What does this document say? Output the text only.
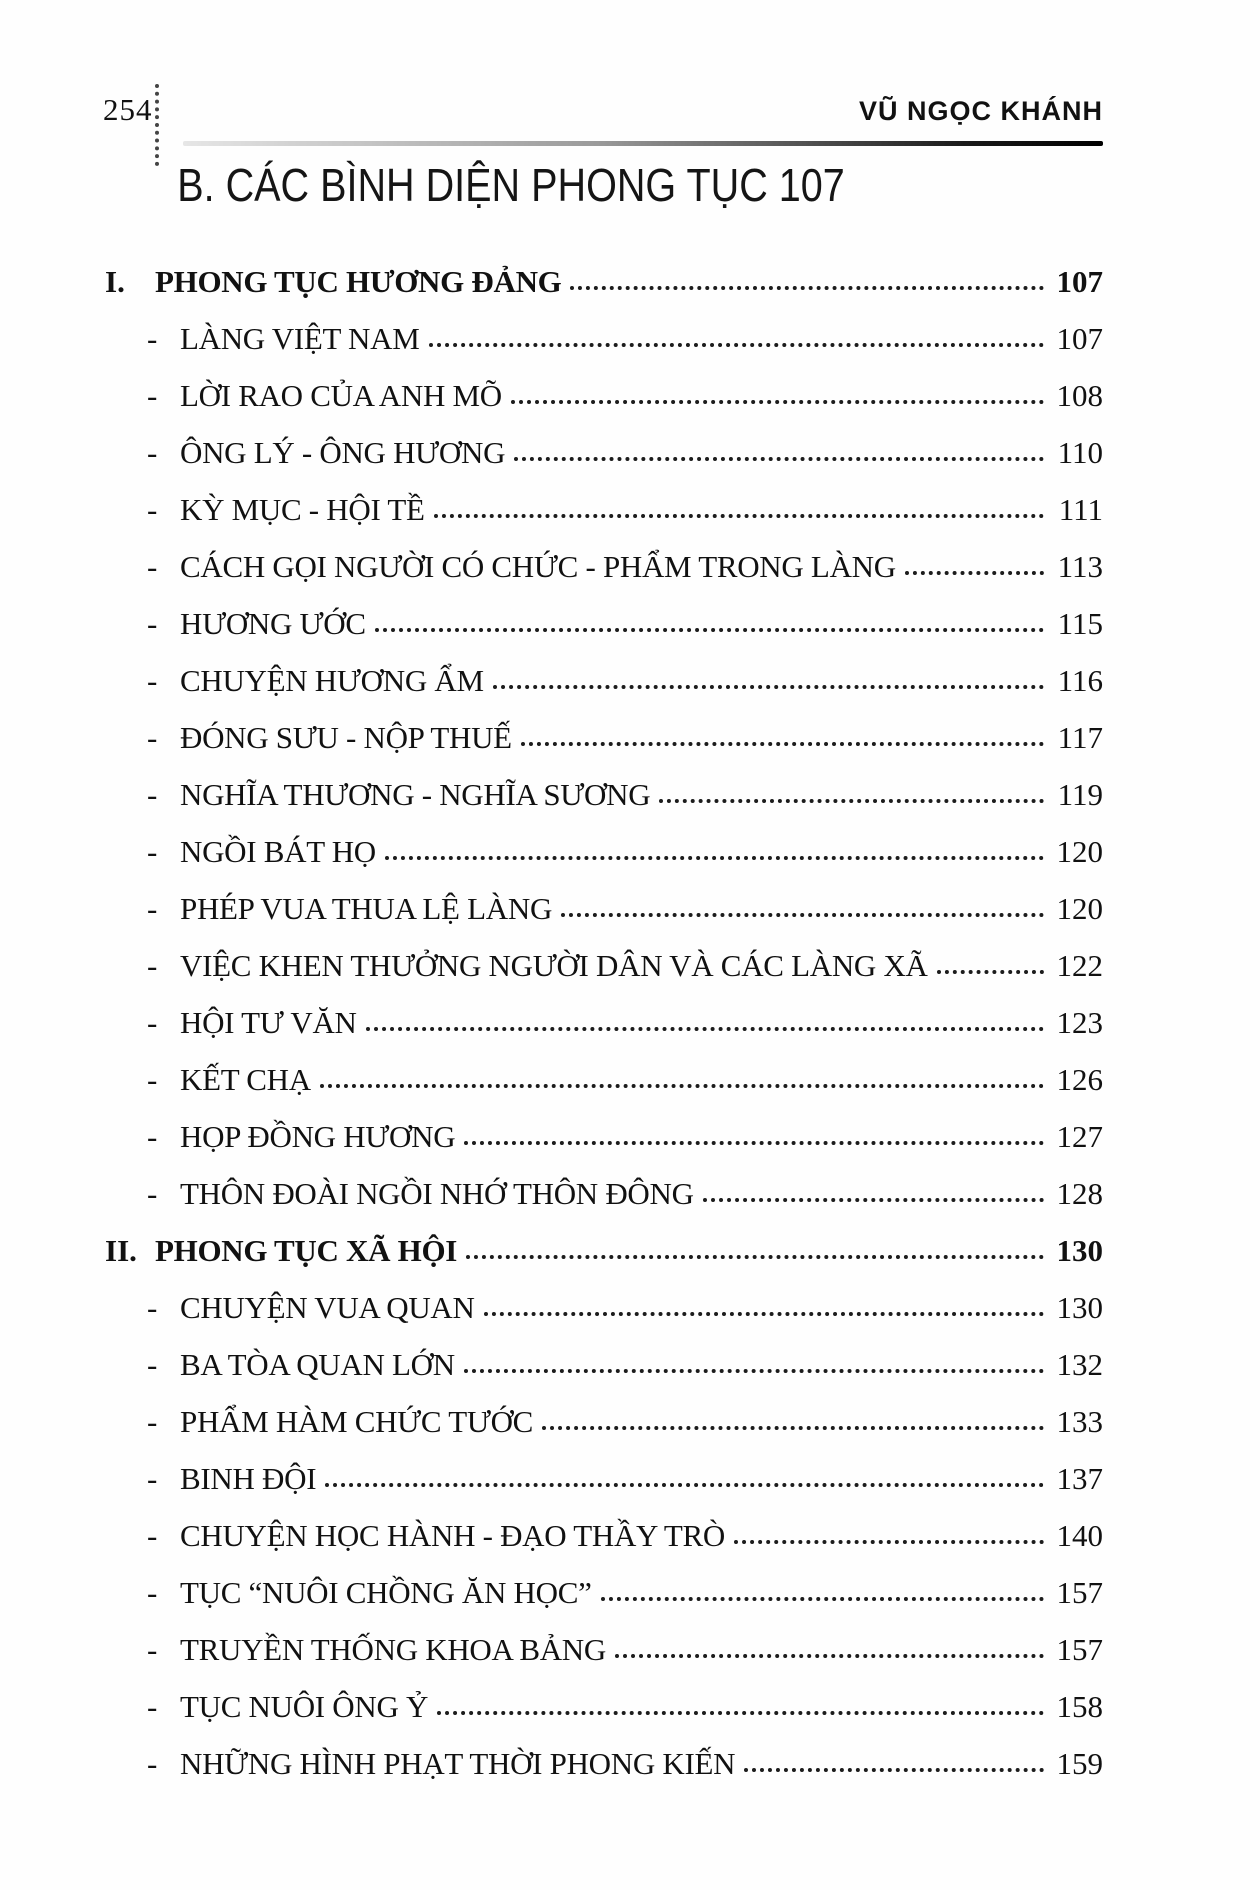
254	VŨ NGỌC KHÁNH
B. CÁC BÌNH DIỆN PHONG TỤC 107
I. PHONG TỤC HƯƠNG ĐẢNG	107
- LÀNG VIỆT NAM	107
- LỜI RAO CỦA ANH MÕ	108
- ÔNG LÝ - ÔNG HƯƠNG	110
- KỲ MỤC - HỘI TỀ	111
- CÁCH GỌI NGƯỜI CÓ CHỨC - PHẨM TRONG LÀNG	113
- HƯƠNG ƯỚC	115
- CHUYỆN HƯƠNG ẨM	116
- ĐÓNG SƯU - NỘP THUẾ	117
- NGHĨA THƯƠNG - NGHĨA SƯƠNG	119
- NGỒI BÁT HỌ	120
- PHÉP VUA THUA LỆ LÀNG	120
- VIỆC KHEN THƯỞNG NGƯỜI DÂN VÀ CÁC LÀNG XÃ	122
- HỘI TƯ VĂN	123
- KẾT CHẠ	126
- HỌP ĐỒNG HƯƠNG	127
- THÔN ĐOÀI NGỒI NHỚ THÔN ĐÔNG	128
II. PHONG TỤC XÃ HỘI	130
- CHUYỆN VUA QUAN	130
- BA TÒA QUAN LỚN	132
- PHẨM HÀM CHỨC TƯỚC	133
- BINH ĐỘI	137
- CHUYỆN HỌC HÀNH - ĐẠO THẦY TRÒ	140
- TỤC “NUÔI CHỒNG ĂN HỌC”	157
- TRUYỀN THỐNG KHOA BẢNG	157
- TỤC NUÔI ÔNG Ỷ	158
- NHỮNG HÌNH PHẠT THỜI PHONG KIẾN	159
